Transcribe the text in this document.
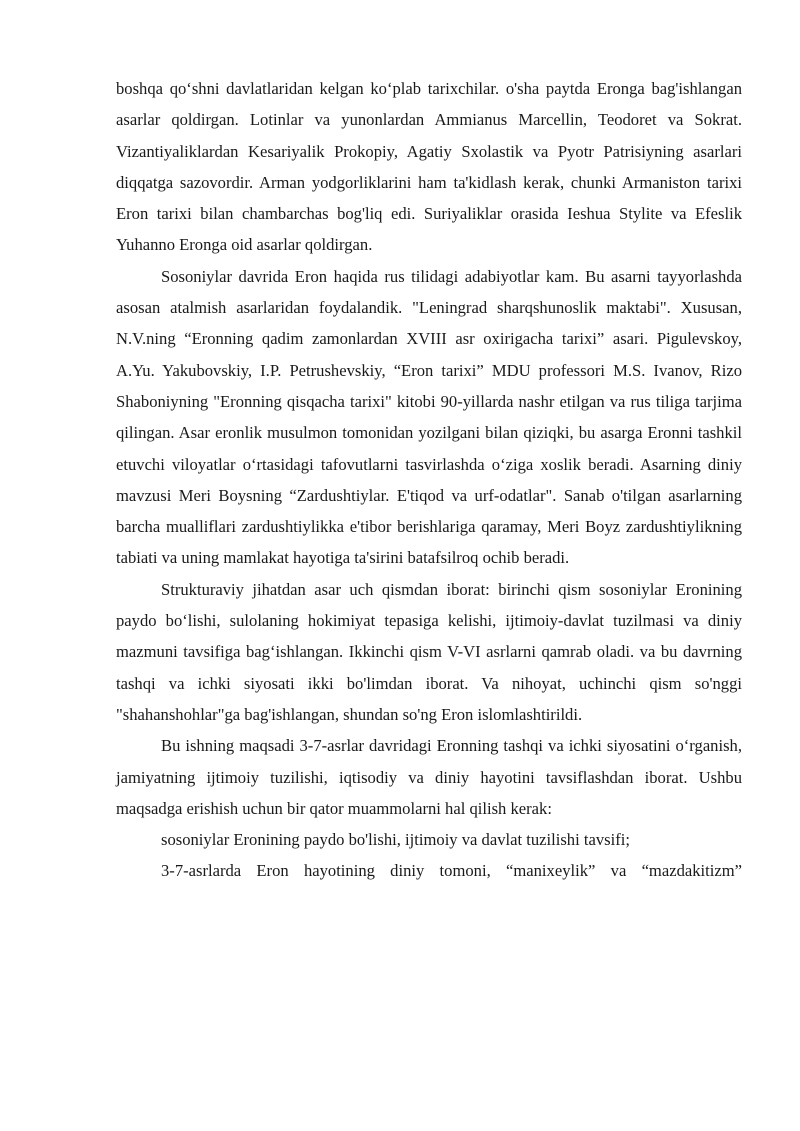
boshqa qo‘shni davlatlaridan kelgan ko‘plab tarixchilar. o'sha paytda Eronga bag'ishlangan asarlar qoldirgan. Lotinlar va yunonlardan Ammianus Marcellin, Teodoret va Sokrat. Vizantiyaliklardan Kesariyalik Prokopiy, Agatiy Sxolastik va Pyotr Patrisiyning asarlari diqqatga sazovordir. Arman yodgorliklarini ham ta'kidlash kerak, chunki Armaniston tarixi Eron tarixi bilan chambarchas bog'liq edi. Suriyaliklar orasida Ieshua Stylite va Efeslik Yuhanno Eronga oid asarlar qoldirgan.

Sosoniylar davrida Eron haqida rus tilidagi adabiyotlar kam. Bu asarni tayyorlashda asosan atalmish asarlaridan foydalandik. "Leningrad sharqshunoslik maktabi". Xususan, N.V.ning “Eronning qadim zamonlardan XVIII asr oxirigacha tarixi” asari. Pigulevskoy, A.Yu. Yakubovskiy, I.P. Petrushevskiy, “Eron tarixi” MDU professori M.S. Ivanov, Rizo Shaboniyning "Eronning qisqacha tarixi" kitobi 90-yillarda nashr etilgan va rus tiliga tarjima qilingan. Asar eronlik musulmon tomonidan yozilgani bilan qiziqki, bu asarga Eronni tashkil etuvchi viloyatlar o‘rtasidagi tafovutlarni tasvirlashda o‘ziga xoslik beradi. Asarning diniy mavzusi Meri Boysning “Zardushtiylar. E'tiqod va urf-odatlar". Sanab o'tilgan asarlarning barcha mualliflari zardushtiylikka e'tibor berishlariga qaramay, Meri Boyz zardushtiylikning tabiati va uning mamlakat hayotiga ta'sirini batafsilroq ochib beradi.

Strukturaviy jihatdan asar uch qismdan iborat: birinchi qism sosoniylar Eronining paydo bo‘lishi, sulolaning hokimiyat tepasiga kelishi, ijtimoiy-davlat tuzilmasi va diniy mazmuni tavsifiga bag‘ishlangan. Ikkinchi qism V-VI asrlarni qamrab oladi. va bu davrning tashqi va ichki siyosati ikki bo'limdan iborat. Va nihoyat, uchinchi qism so'nggi "shahanshohlar"ga bag'ishlangan, shundan so'ng Eron islomlashtirildi.

Bu ishning maqsadi 3-7-asrlar davridagi Eronning tashqi va ichki siyosatini o‘rganish, jamiyatning ijtimoiy tuzilishi, iqtisodiy va diniy hayotini tavsiflashdan iborat. Ushbu maqsadga erishish uchun bir qator muammolarni hal qilish kerak:

sosoniylar Eronining paydo bo'lishi, ijtimoiy va davlat tuzilishi tavsifi;

3-7-asrlarda Eron hayotining diniy tomoni, “manixeylik” va “mazdakitizm”
